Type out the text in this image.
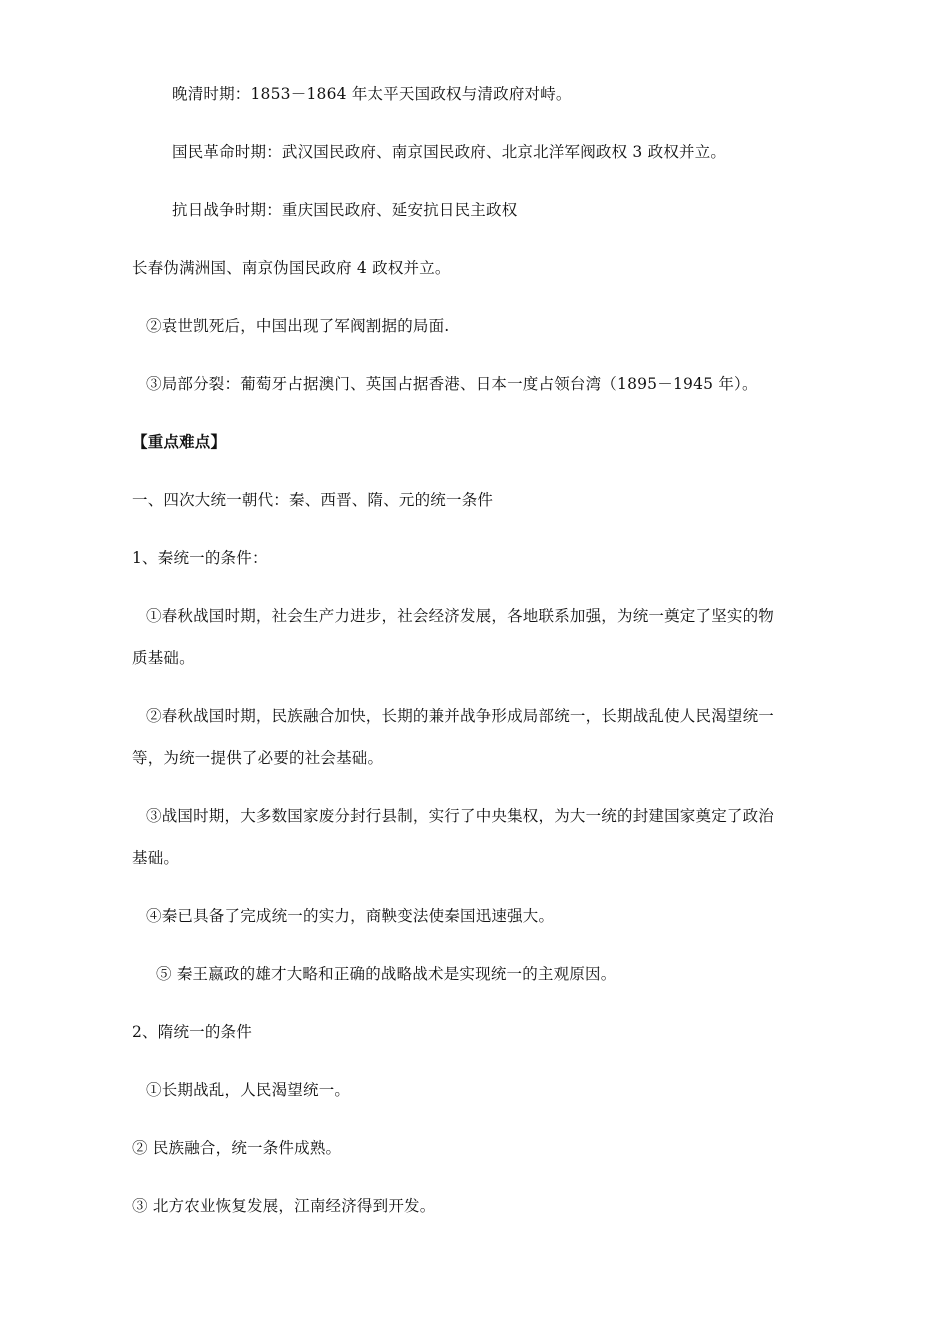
晚清时期：1853－1864 年太平天国政权与清政府对峙。
国民革命时期：武汉国民政府、南京国民政府、北京北洋军阀政权 3 政权并立。
抗日战争时期：重庆国民政府、延安抗日民主政权
长春伪满洲国、南京伪国民政府 4 政权并立。
②袁世凯死后，中国出现了军阀割据的局面.
③局部分裂：葡萄牙占据澳门、英国占据香港、日本一度占领台湾（1895－1945 年）。
【重点难点】
一、四次大统一朝代：秦、西晋、隋、元的统一条件
1、秦统一的条件：
①春秋战国时期，社会生产力进步，社会经济发展，各地联系加强，为统一奠定了坚实的物
质基础。
②春秋战国时期，民族融合加快，长期的兼并战争形成局部统一，长期战乱使人民渴望统一
等，为统一提供了必要的社会基础。
③战国时期，大多数国家废分封行县制，实行了中央集权，为大一统的封建国家奠定了政治
基础。
④秦已具备了完成统一的实力，商鞅变法使秦国迅速强大。
⑤ 秦王嬴政的雄才大略和正确的战略战术是实现统一的主观原因。
2、隋统一的条件
①长期战乱，人民渴望统一。
② 民族融合，统一条件成熟。
③ 北方农业恢复发展，江南经济得到开发。
